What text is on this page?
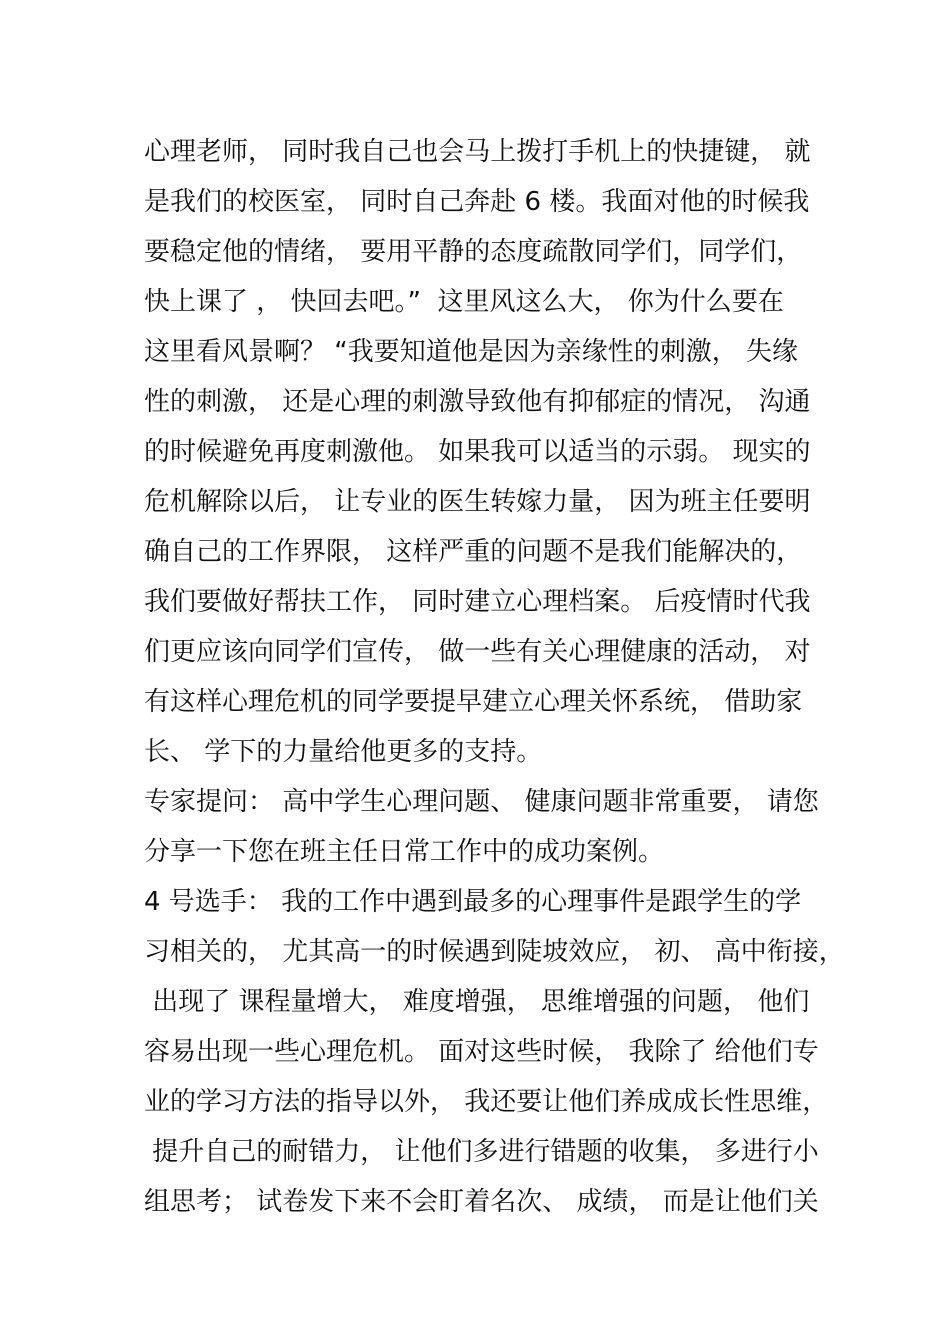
心理老师， 同时我自己也会马上拨打手机上的快捷键， 就
是我们的校医室， 同时自己奔赴 6 楼。我面对他的时候我
要稳定他的情绪， 要用平静的态度疏散同学们，同学们，
快上课了 ， 快回去吧。”  这里风这么大， 你为什么要在
这里看风景啊？ “我要知道他是因为亲缘性的刺激， 失缘
性的刺激， 还是心理的刺激导致他有抑郁症的情况， 沟通
的时候避免再度刺激他。 如果我可以适当的示弱。 现实的
危机解除以后， 让专业的医生转嫁力量， 因为班主任要明
确自己的工作界限， 这样严重的问题不是我们能解决的，
我们要做好帮扶工作， 同时建立心理档案。 后疫情时代我
们更应该向同学们宣传， 做一些有关心理健康的活动， 对
有这样心理危机的同学要提早建立心理关怀系统， 借助家
长、 学下的力量给他更多的支持。
专家提问： 高中学生心理问题、 健康问题非常重要， 请您
分享一下您在班主任日常工作中的成功案例。
4 号选手： 我的工作中遇到最多的心理事件是跟学生的学
习相关的， 尤其高一的时候遇到陡坡效应， 初、 高中衔接，
出现了 课程量增大， 难度增强， 思维增强的问题， 他们
容易出现一些心理危机。 面对这些时候， 我除了 给他们专
业的学习方法的指导以外， 我还要让他们养成成长性思维，
提升自己的耐错力， 让他们多进行错题的收集， 多进行小
组思考； 试卷发下来不会盯着名次、 成绩， 而是让他们关
